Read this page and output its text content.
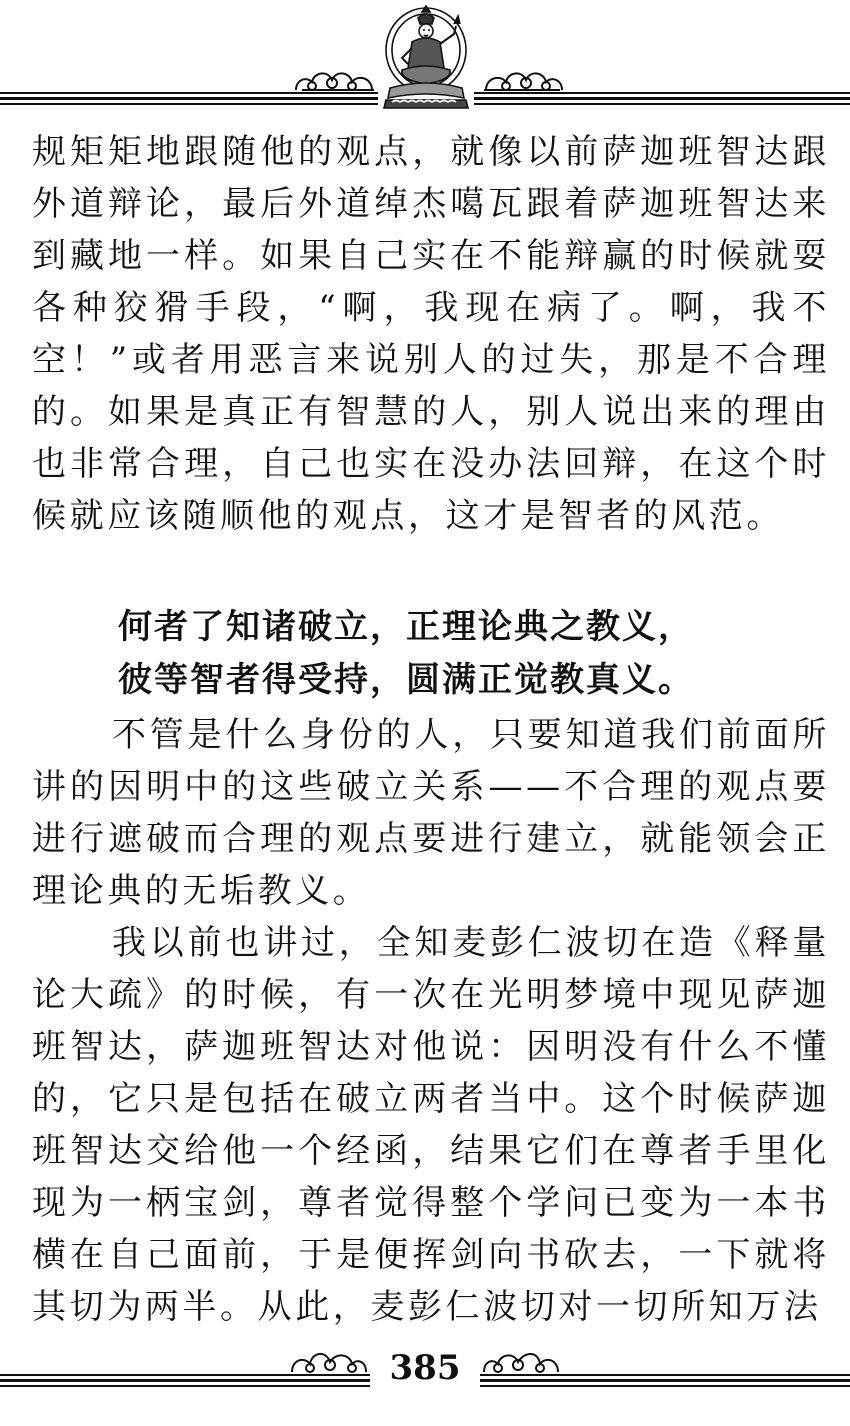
规矩矩地跟随他的观点，就像以前萨迦班智达跟外道辩论，最后外道绰杰噶瓦跟着萨迦班智达来到藏地一样。如果自己实在不能辩赢的时候就耍各种狡猾手段，“啊，我现在病了。啊，我不空！”或者用恶言来说别人的过失，那是不合理的。如果是真正有智慧的人，别人说出来的理由也非常合理，自己也实在没办法回辩，在这个时候就应该随顺他的观点，这才是智者的风范。

何者了知诸破立，正理论典之教义，
彼等智者得受持，圆满正觉教真义。

不管是什么身份的人，只要知道我们前面所讲的因明中的这些破立关系——不合理的观点要进行遮破而合理的观点要进行建立，就能领会正理论典的无垢教义。

我以前也讲过，全知麦彭仁波切在造《释量论大疏》的时候，有一次在光明梦境中现见萨迦班智达，萨迦班智达对他说：因明没有什么不懂的，它只是包括在破立两者当中。这个时候萨迦班智达交给他一个经函，结果它们在尊者手里化现为一柄宝剑，尊者觉得整个学问已变为一本书横在自己面前，于是便挥剑向书砍去，一下就将其切为两半。从此，麦彭仁波切对一切所知万法

385
